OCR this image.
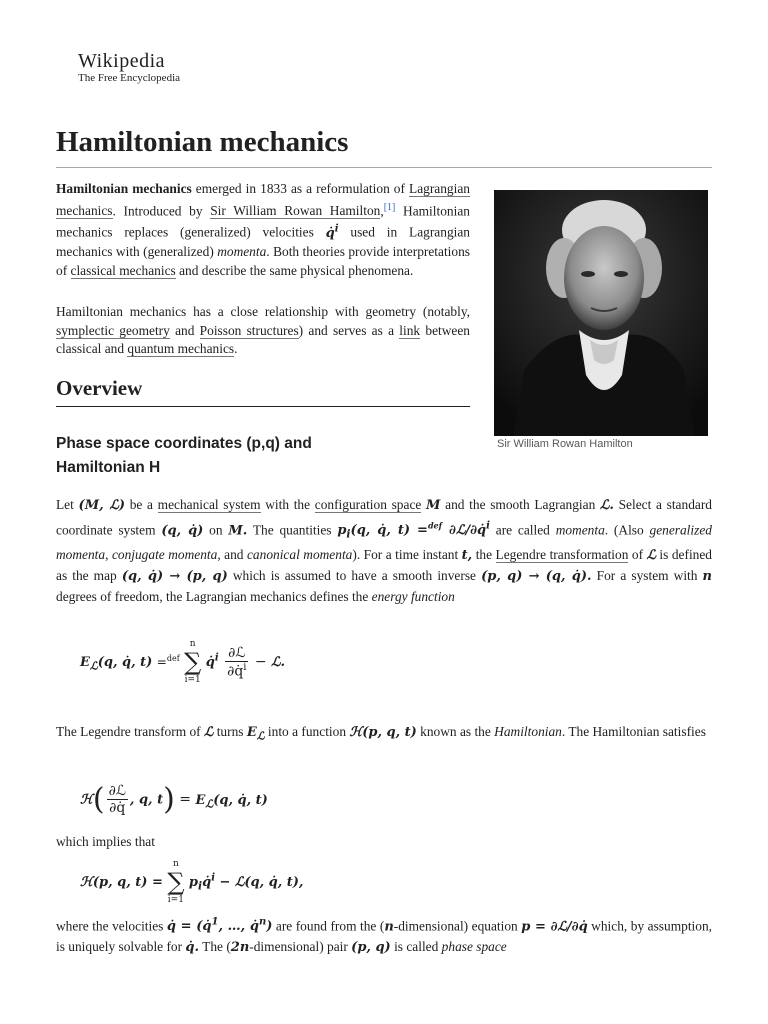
Wikipedia
The Free Encyclopedia
Hamiltonian mechanics
Hamiltonian mechanics emerged in 1833 as a reformulation of Lagrangian mechanics. Introduced by Sir William Rowan Hamilton,[1] Hamiltonian mechanics replaces (generalized) velocities q̇$^i$ used in Lagrangian mechanics with (generalized) momenta. Both theories provide interpretations of classical mechanics and describe the same physical phenomena.
Hamiltonian mechanics has a close relationship with geometry (notably, symplectic geometry and Poisson structures) and serves as a link between classical and quantum mechanics.
Overview
Phase space coordinates (p,q) and Hamiltonian H
Sir William Rowan Hamilton
Let (M, ℒ) be a mechanical system with the configuration space M and the smooth Lagrangian ℒ. Select a standard coordinate system (q, q̇) on M. The quantities $p_i(q$, q̇, t) =$^{def}$ ∂ℒ/∂q̇$^i$ are called momenta. (Also generalized momenta, conjugate momenta, and canonical momenta). For a time instant t, the Legendre transformation of ℒ is defined as the map (q, q̇) → (p, q) which is assumed to have a smooth inverse (p, q) → (q, q̇). For a system with n degrees of freedom, the Lagrangian mechanics defines the energy function
$E_ℒ(q$, q̇, t) =$^{def}$
n
∑
i=1
q̇$^i$ $\frac{\text{∂ℒ}}{\partial q̇^i}$ − ℒ.
The Legendre transform of ℒ turns $E_ℒ$ into a function ℋ(p, q, t) known as the Hamiltonian. The Hamiltonian satisfies
ℋ( $\frac{\text{∂ℒ}}{\partial q̇}$ , q, $t) = E_ℒ(q$, q̇, t)
which implies that
ℋ(p, q, t) =
n
∑
i=1
$p_iq̇^i$ − ℒ(q, q̇, t),
where the velocities q̇ = (q̇$^1$, …, q̇$^n$) are found from the (n-dimensional) equation p = ∂ℒ/∂q̇ which, by assumption, is uniquely solvable for q̇. The (2n-dimensional) pair (p, q) is called phase space
